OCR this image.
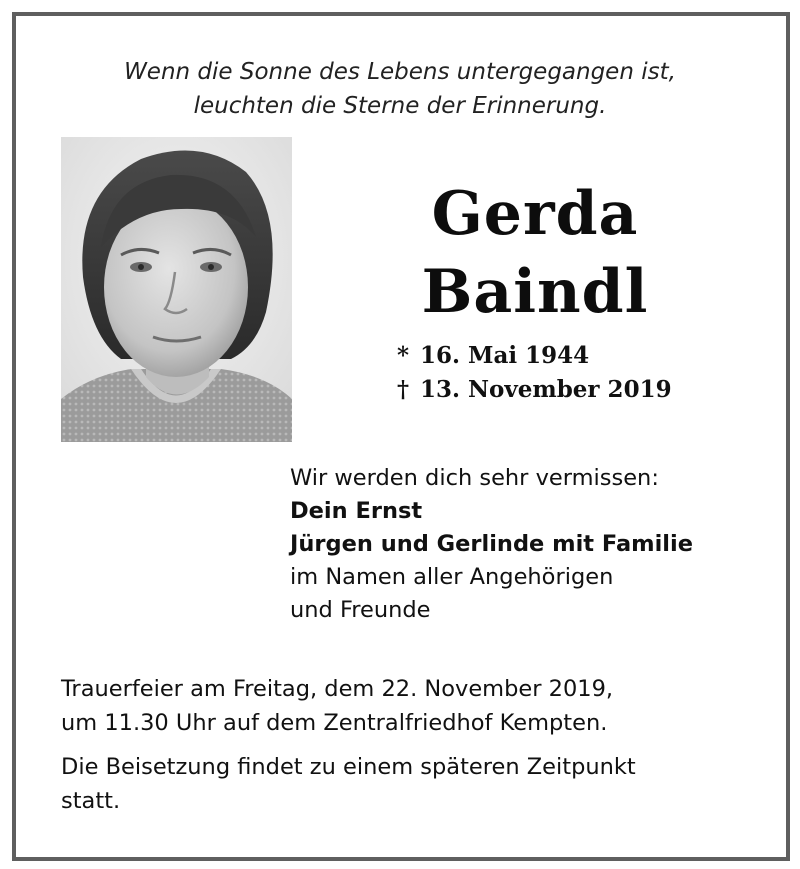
Wenn die Sonne des Lebens untergegangen ist,
leuchten die Sterne der Erinnerung.
Gerda
Baindl
* 16. Mai 1944
† 13. November 2019
Wir werden dich sehr vermissen:
Dein Ernst
Jürgen und Gerlinde mit Familie
im Namen aller Angehörigen
und Freunde
Trauerfeier am Freitag, dem 22. November 2019,
um 11.30 Uhr auf dem Zentralfriedhof Kempten.
Die Beisetzung findet zu einem späteren Zeitpunkt
statt.
